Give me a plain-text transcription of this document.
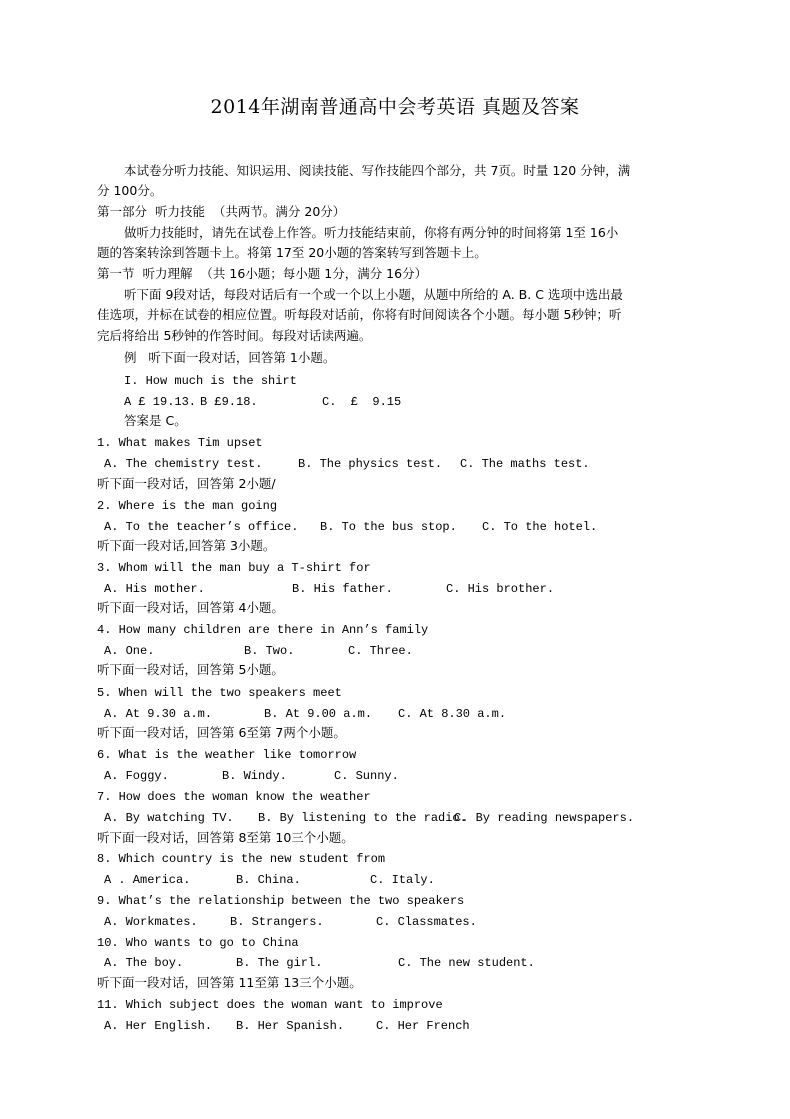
2014年湖南普通高中会考英语 真题及答案
本试卷分听力技能、知识运用、阅读技能、写作技能四个部分，共 7页。时量 120 分钟，满
分 100分。
第一部分  听力技能  （共两节。满分 20分）
做听力技能时，请先在试卷上作答。听力技能结束前，你将有两分钟的时间将第 1至 16小
题的答案转涂到答题卡上。将第 17至 20小题的答案转写到答题卡上。
第一节  听力理解  （共 16小题；每小题 1分，满分 16分）
听下面 9段对话，每段对话后有一个或一个以上小题，从题中所给的 A. B. C 选项中选出最
佳选项，并标在试卷的相应位置。听每段对话前，你将有时间阅读各个小题。每小题 5秒钟；听
完后将给出 5秒钟的作答时间。每段对话读两遍。
例   听下面一段对话，回答第 1小题。
I. How much is the shirt
A £ 19.13. B £9.18.	C.  £  9.15
答案是 C。
1. What makes Tim upset
A. The chemistry test.	B. The physics test. C. The maths test.
听下面一段对话，回答第 2小题/
2. Where is the man going
A. To the teacher’s office. B. To the bus stop. C. To the hotel.
听下面一段对话,回答第 3小题。
3. Whom will the man buy a T-shirt for
A. His mother.	B. His father.	C. His brother.
听下面一段对话，回答第 4小题。
4. How many children are there in Ann’s family
A. One.	B. Two.	C. Three.
听下面一段对话，回答第 5小题。
5. When will the two speakers meet
A. At 9.30 a.m.	B. At 9.00 a.m. C. At 8.30 a.m.
听下面一段对话，回答第 6至第 7两个小题。
6. What is the weather like tomorrow
A. Foggy.	B. Windy.	C. Sunny.
7. How does the woman know the weather
A. By watching TV. B. By listening to the radio.
C. By reading newspapers.
听下面一段对话，回答第 8至第 10三个小题。
8. Which country is the new student from
A . America.	B. China.	C. Italy.
9. What’s the relationship between the two speakers
A. Workmates.	B. Strangers.	C. Classmates.
10. Who wants to go to China
A. The boy.	B. The girl.	C. The new student.
听下面一段对话，回答第 11至第 13三个小题。
11. Which subject does the woman want to improve
A. Her English. B. Her Spanish.	C. Her French
